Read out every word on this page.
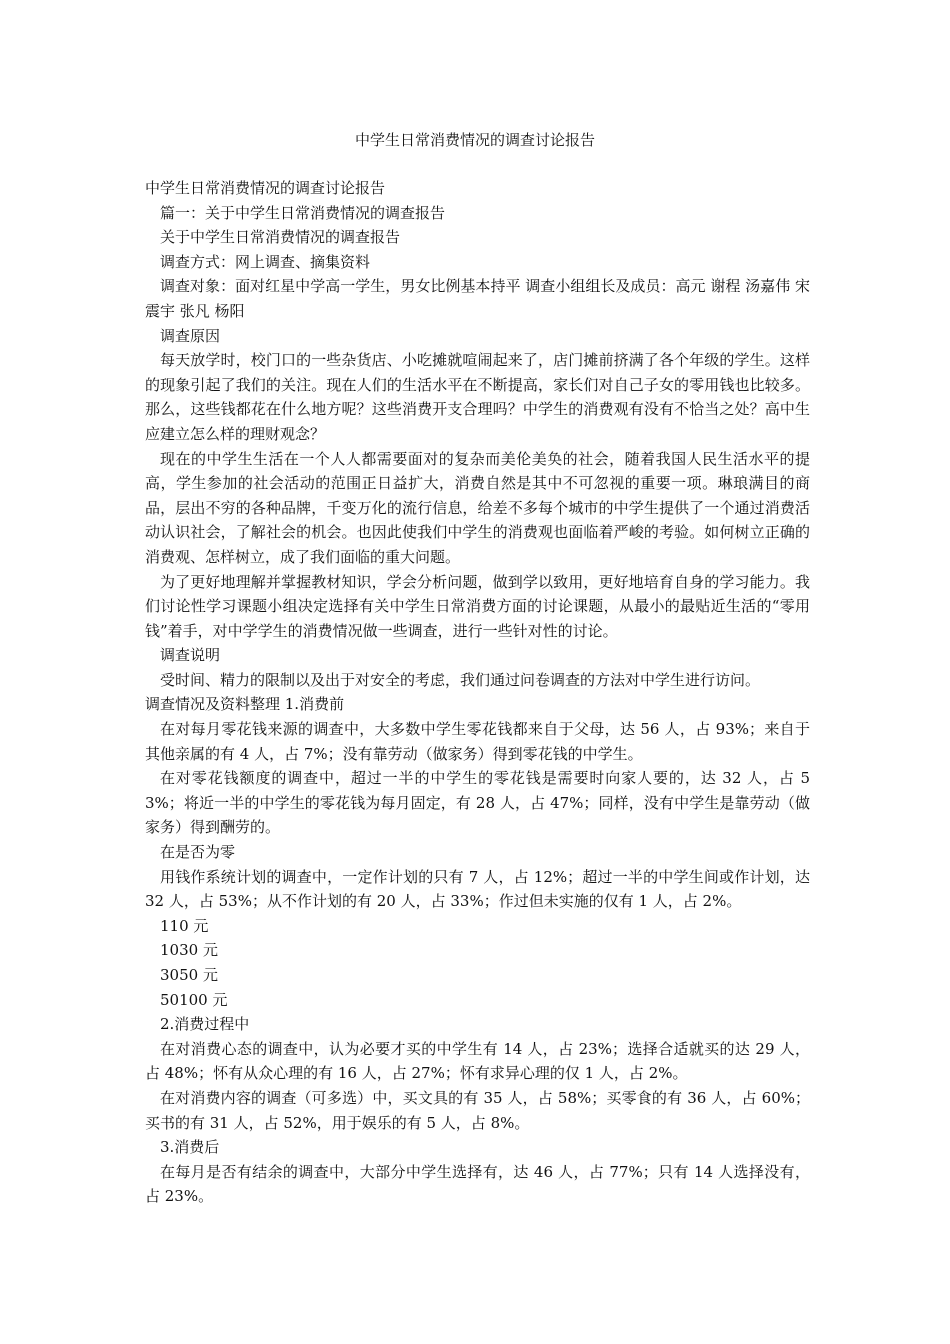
中学生日常消费情况的调查讨论报告

中学生日常消费情况的调查讨论报告

篇一：关于中学生日常消费情况的调查报告

关于中学生日常消费情况的调查报告

调查方式：网上调查、摘集资料

调查对象：面对红星中学高一学生，男女比例基本持平 调查小组组长及成员：高元 谢程 汤嘉伟 宋震宇 张凡 杨阳

调查原因

每天放学时，校门口的一些杂货店、小吃摊就喧闹起来了，店门摊前挤满了各个年级的学生。这样的现象引起了我们的关注。现在人们的生活水平在不断提高，家长们对自己子女的零用钱也比较多。那么，这些钱都花在什么地方呢？这些消费开支合理吗？中学生的消费观有没有不恰当之处？高中生应建立怎么样的理财观念？

现在的中学生生活在一个人人都需要面对的复杂而美伦美奂的社会，随着我国人民生活水平的提高，学生参加的社会活动的范围正日益扩大，消费自然是其中不可忽视的重要一项。琳琅满目的商品，层出不穷的各种品牌，千变万化的流行信息，给差不多每个城市的中学生提供了一个通过消费活动认识社会，了解社会的机会。也因此使我们中学生的消费观也面临着严峻的考验。如何树立正确的消费观、怎样树立，成了我们面临的重大问题。

为了更好地理解并掌握教材知识，学会分析问题，做到学以致用，更好地培育自身的学习能力。我们讨论性学习课题小组决定选择有关中学生日常消费方面的讨论课题，从最小的最贴近生活的“零用钱”着手，对中学学生的消费情况做一些调查，进行一些针对性的讨论。

调查说明

受时间、精力的限制以及出于对安全的考虑，我们通过问卷调查的方法对中学生进行访问。

调查情况及资料整理 1.消费前

在对每月零花钱来源的调查中，大多数中学生零花钱都来自于父母，达 56 人，占 93%；来自于其他亲属的有 4 人，占 7%；没有靠劳动（做家务）得到零花钱的中学生。

在对零花钱额度的调查中，超过一半的中学生的零花钱是需要时向家人要的，达 32 人，占 53%；将近一半的中学生的零花钱为每月固定，有 28 人，占 47%；同样，没有中学生是靠劳动（做家务）得到酬劳的。

在是否为零

用钱作系统计划的调查中，一定作计划的只有 7 人，占 12%；超过一半的中学生间或作计划，达 32 人，占 53%；从不作计划的有 20 人，占 33%；作过但未实施的仅有 1 人，占 2%。

110 元

1030 元

3050 元

50100 元

2.消费过程中

在对消费心态的调查中，认为必要才买的中学生有 14 人，占 23%；选择合适就买的达 29 人，占 48%；怀有从众心理的有 16 人，占 27%；怀有求异心理的仅 1 人，占 2%。

在对消费内容的调查（可多选）中，买文具的有 35 人，占 58%；买零食的有 36 人，占 60%；买书的有 31 人，占 52%，用于娱乐的有 5 人，占 8%。

3.消费后

在每月是否有结余的调查中，大部分中学生选择有，达 46 人，占 77%；只有 14 人选择没有，占 23%。
